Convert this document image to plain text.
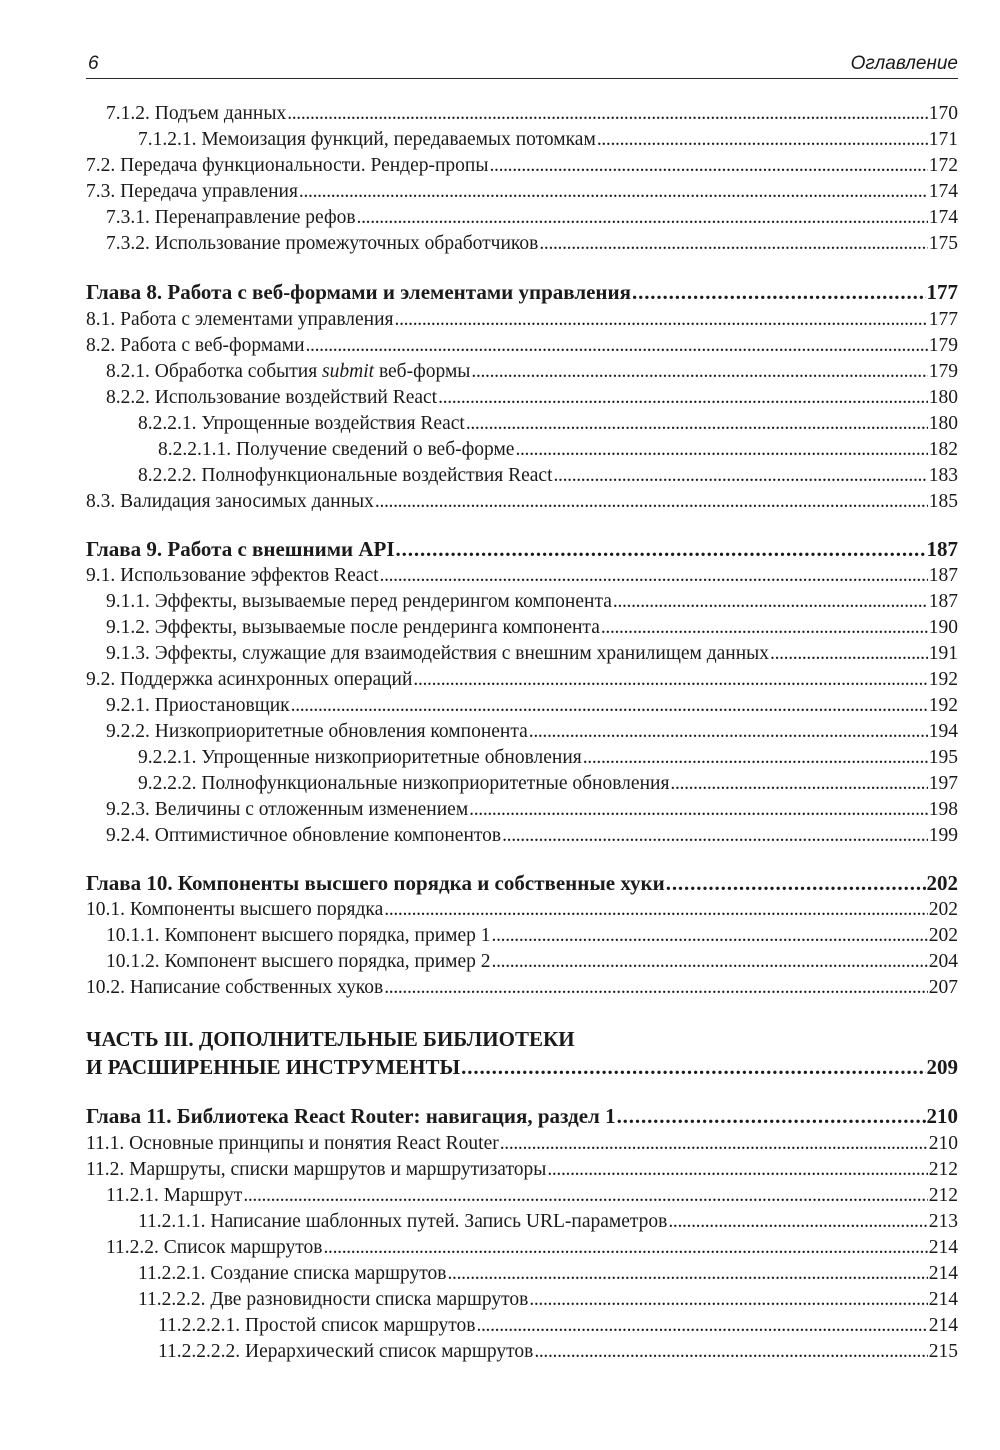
6	Оглавление
7.1.2. Подъем данных . . .	170
7.1.2.1. Мемоизация функций, передаваемых потомкам . . .	171
7.2. Передача функциональности. Рендер-пропы . . .	172
7.3. Передача управления . . .	174
7.3.1. Перенаправление рефов . . .	174
7.3.2. Использование промежуточных обработчиков . . .	175
Глава 8. Работа с веб-формами и элементами управления . . .	177
8.1. Работа с элементами управления . . .	177
8.2. Работа с веб-формами . . .	179
8.2.1. Обработка события submit веб-формы . . .	179
8.2.2. Использование воздействий React . . .	180
8.2.2.1. Упрощенные воздействия React . . .	180
8.2.2.1.1. Получение сведений о веб-форме . . .	182
8.2.2.2. Полнофункциональные воздействия React . . .	183
8.3. Валидация заносимых данных . . .	185
Глава 9. Работа с внешними API . . .	187
9.1. Использование эффектов React . . .	187
9.1.1. Эффекты, вызываемые перед рендерингом компонента . . .	187
9.1.2. Эффекты, вызываемые после рендеринга компонента . . .	190
9.1.3. Эффекты, служащие для взаимодействия с внешним хранилищем данных . . .	191
9.2. Поддержка асинхронных операций . . .	192
9.2.1. Приостановщик . . .	192
9.2.2. Низкоприоритетные обновления компонента . . .	194
9.2.2.1. Упрощенные низкоприоритетные обновления . . .	195
9.2.2.2. Полнофункциональные низкоприоритетные обновления . . .	197
9.2.3. Величины с отложенным изменением . . .	198
9.2.4. Оптимистичное обновление компонентов . . .	199
Глава 10. Компоненты высшего порядка и собственные хуки . . .	202
10.1. Компоненты высшего порядка . . .	202
10.1.1. Компонент высшего порядка, пример 1 . . .	202
10.1.2. Компонент высшего порядка, пример 2 . . .	204
10.2. Написание собственных хуков . . .	207
ЧАСТЬ III. ДОПОЛНИТЕЛЬНЫЕ БИБЛИОТЕКИ
И РАСШИРЕННЫЕ ИНСТРУМЕНТЫ . . .	209
Глава 11. Библиотека React Router: навигация, раздел 1 . . .	210
11.1. Основные принципы и понятия React Router . . .	210
11.2. Маршруты, списки маршрутов и маршрутизаторы . . .	212
11.2.1. Маршрут . . .	212
11.2.1.1. Написание шаблонных путей. Запись URL-параметров . . .	213
11.2.2. Список маршрутов . . .	214
11.2.2.1. Создание списка маршрутов . . .	214
11.2.2.2. Две разновидности списка маршрутов . . .	214
11.2.2.2.1. Простой список маршрутов . . .	214
11.2.2.2.2. Иерархический список маршрутов . . .	215
